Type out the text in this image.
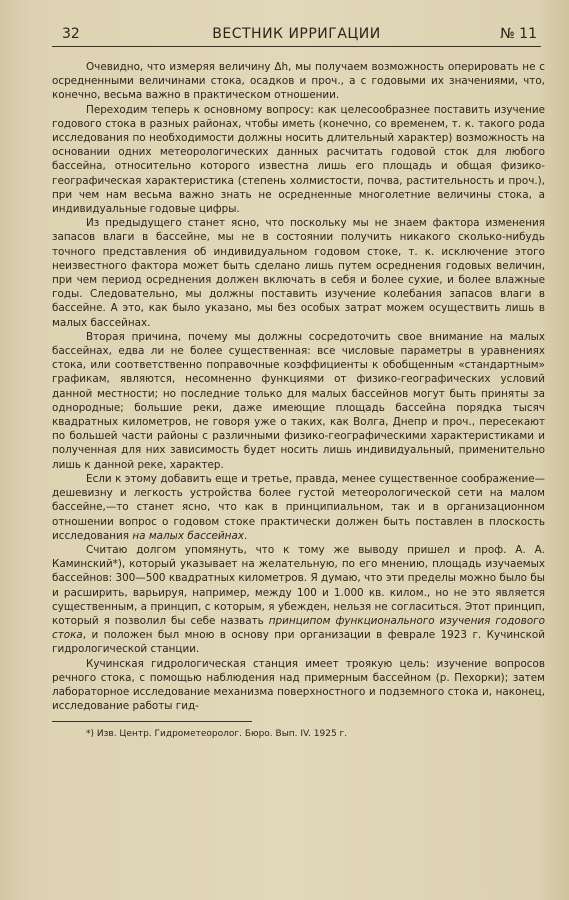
32	ВЕСТНИК ИРРИГАЦИИ	№ 11

Очевидно, что измеряя величину Δh, мы получаем возможность оперировать не с осредненными величинами стока, осадков и проч., а с годовыми их значениями, что, конечно, весьма важно в практическом отношении.

Переходим теперь к основному вопросу: как целесообразнее поставить изучение годового стока в разных районах, чтобы иметь (конечно, со временем, т. к. такого рода исследования по необходимости должны носить длительный характер) возможность на основании одних метеорологических данных расчитать годовой сток для любого бассейна, относительно которого известна лишь его площадь и общая физико-географическая характеристика (степень холмистости, почва, растительность и проч.), при чем нам весьма важно знать не осредненные многолетние величины стока, а индивидуальные годовые цифры.

Из предыдущего станет ясно, что поскольку мы не знаем фактора изменения запасов влаги в бассейне, мы не в состоянии получить никакого сколько-нибудь точного представления об индивидуальном годовом стоке, т. к. исключение этого неизвестного фактора может быть сделано лишь путем осреднения годовых величин, при чем период осреднения должен включать в себя и более сухие, и более влажные годы. Следовательно, мы должны поставить изучение колебания запасов влаги в бассейне. А это, как было указано, мы без особых затрат можем осуществить лишь в малых бассейнах.

Вторая причина, почему мы должны сосредоточить свое внимание на малых бассейнах, едва ли не более существенная: все числовые параметры в уравнениях стока, или соответственно поправочные коэффициенты к обобщенным «стандартным» графикам, являются, несомненно функциями от физико-географических условий данной местности; но последние только для малых бассейнов могут быть приняты за однородные; большие реки, даже имеющие площадь бассейна порядка тысяч квадратных километров, не говоря уже о таких, как Волга, Днепр и проч., пересекают по большей части районы с различными физико-географическими характеристиками и полученная для них зависимость будет носить лишь индивидуальный, применительно лишь к данной реке, характер.

Если к этому добавить еще и третье, правда, менее существенное соображение—дешевизну и легкость устройства более густой метеорологической сети на малом бассейне,—то станет ясно, что как в принципиальном, так и в организационном отношении вопрос о годовом стоке практически должен быть поставлен в плоскость исследования на малых бассейнах.

Считаю долгом упомянуть, что к тому же выводу пришел и проф. А. А. Каминский*), который указывает на желательную, по его мнению, площадь изучаемых бассейнов: 300—500 квадратных километров. Я думаю, что эти пределы можно было бы и расширить, варьируя, например, между 100 и 1.000 кв. килом., но не это является существенным, а принцип, с которым, я убежден, нельзя не согласиться. Этот принцип, который я позволил бы себе назвать принципом функционального изучения годового стока, и положен был мною в основу при организации в феврале 1923 г. Кучинской гидрологической станции.

Кучинская гидрологическая станция имеет троякую цель: изучение вопросов речного стока, с помощью наблюдения над примерным бассейном (р. Пехорки); затем лабораторное исследование механизма поверхностного и подземного стока и, наконец, исследование работы гид-

*) Изв. Центр. Гидрометеоролог. Бюро. Вып. IV. 1925 г.
